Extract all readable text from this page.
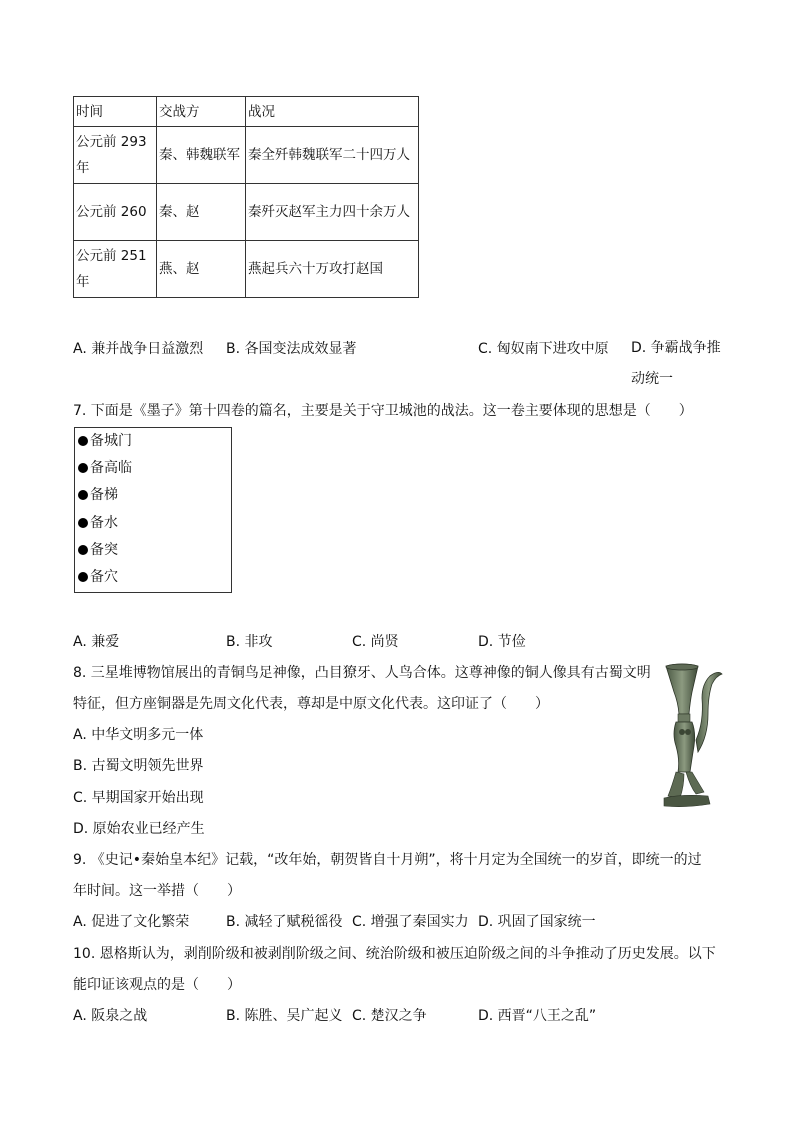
时间	交战方	战况
公元前 293 年	秦、韩魏联军	秦全歼韩魏联军二十四万人
公元前 260	秦、赵	秦歼灭赵军主力四十余万人
公元前 251 年	燕、赵	燕起兵六十万攻打赵国
A. 兼并战争日益激烈 B. 各国变法成效显著	C. 匈奴南下进攻中原 D. 争霸战争推动统一
7. 下面是《墨子》第十四卷的篇名，主要是关于守卫城池的战法。这一卷主要体现的思想是（　　）
备城门
备高临
备梯
备水
备突
备穴
A. 兼爱	B. 非攻	C. 尚贤	D. 节俭
8. 三星堆博物馆展出的青铜鸟足神像，凸目獠牙、人鸟合体。这尊神像的铜人像具有古蜀文明
特征，但方座铜器是先周文化代表，尊却是中原文化代表。这印证了（　　）
A. 中华文明多元一体
B. 古蜀文明领先世界
C. 早期国家开始出现
D. 原始农业已经产生
9. 《史记•秦始皇本纪》记载，“改年始，朝贺皆自十月朔”，将十月定为全国统一的岁首，即统一的过
年时间。这一举措（　　）
A. 促进了文化繁荣	B. 减轻了赋税徭役 C. 增强了秦国实力 D. 巩固了国家统一
10. 恩格斯认为，剥削阶级和被剥削阶级之间、统治阶级和被压迫阶级之间的斗争推动了历史发展。以下
能印证该观点的是（　　）
A. 阪泉之战	B. 陈胜、吴广起义 C. 楚汉之争	D. 西晋“八王之乱”
